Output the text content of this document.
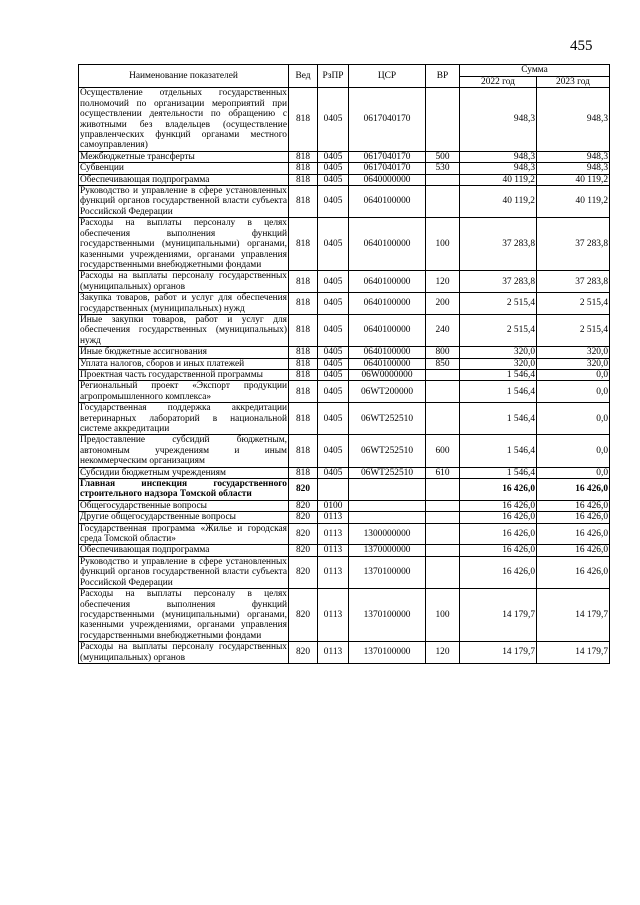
455
Наименование показателей	Вед	РзПР	ЦСР	ВР	Сумма	
					2022 год	2023 год
Осуществление отдельных государственных полномочий по организации мероприятий при осуществлении деятельности по обращению с животными без владельцев (осуществление управленческих функций органами местного самоуправления)	818	0405	0617040170		948,3	948,3
Межбюджетные трансферты	818	0405	0617040170	500	948,3	948,3
Субвенции	818	0405	0617040170	530	948,3	948,3
Обеспечивающая подпрограмма	818	0405	0640000000		40 119,2	40 119,2
Руководство и управление в сфере установленных функций органов государственной власти субъекта Российской Федерации	818	0405	0640100000		40 119,2	40 119,2
Расходы на выплаты персоналу в целях обеспечения выполнения функций государственными (муниципальными) органами, казенными учреждениями, органами управления государственными внебюджетными фондами	818	0405	0640100000	100	37 283,8	37 283,8
Расходы на выплаты персоналу государственных (муниципальных) органов	818	0405	0640100000	120	37 283,8	37 283,8
Закупка товаров, работ и услуг для обеспечения государственных (муниципальных) нужд	818	0405	0640100000	200	2 515,4	2 515,4
Иные закупки товаров, работ и услуг для обеспечения государственных (муниципальных) нужд	818	0405	0640100000	240	2 515,4	2 515,4
Иные бюджетные ассигнования	818	0405	0640100000	800	320,0	320,0
Уплата налогов, сборов и иных платежей	818	0405	0640100000	850	320,0	320,0
Проектная часть государственной программы	818	0405	06W0000000		1 546,4	0,0
Региональный проект «Экспорт продукции агропромышленного комплекса»	818	0405	06WT200000		1 546,4	0,0
Государственная поддержка аккредитации ветеринарных лабораторий в национальной системе аккредитации	818	0405	06WT252510		1 546,4	0,0
Предоставление субсидий бюджетным, автономным учреждениям и иным некоммерческим организациям	818	0405	06WT252510	600	1 546,4	0,0
Субсидии бюджетным учреждениям	818	0405	06WT252510	610	1 546,4	0,0
Главная инспекция государственного строительного надзора Томской области	820				16 426,0	16 426,0
Общегосударственные вопросы	820	0100			16 426,0	16 426,0
Другие общегосударственные вопросы	820	0113			16 426,0	16 426,0
Государственная программа «Жилье и городская среда Томской области»	820	0113	1300000000		16 426,0	16 426,0
Обеспечивающая подпрограмма	820	0113	1370000000		16 426,0	16 426,0
Руководство и управление в сфере установленных функций органов государственной власти субъекта Российской Федерации	820	0113	1370100000		16 426,0	16 426,0
Расходы на выплаты персоналу в целях обеспечения выполнения функций государственными (муниципальными) органами, казенными учреждениями, органами управления государственными внебюджетными фондами	820	0113	1370100000	100	14 179,7	14 179,7
Расходы на выплаты персоналу государственных (муниципальных) органов	820	0113	1370100000	120	14 179,7	14 179,7
